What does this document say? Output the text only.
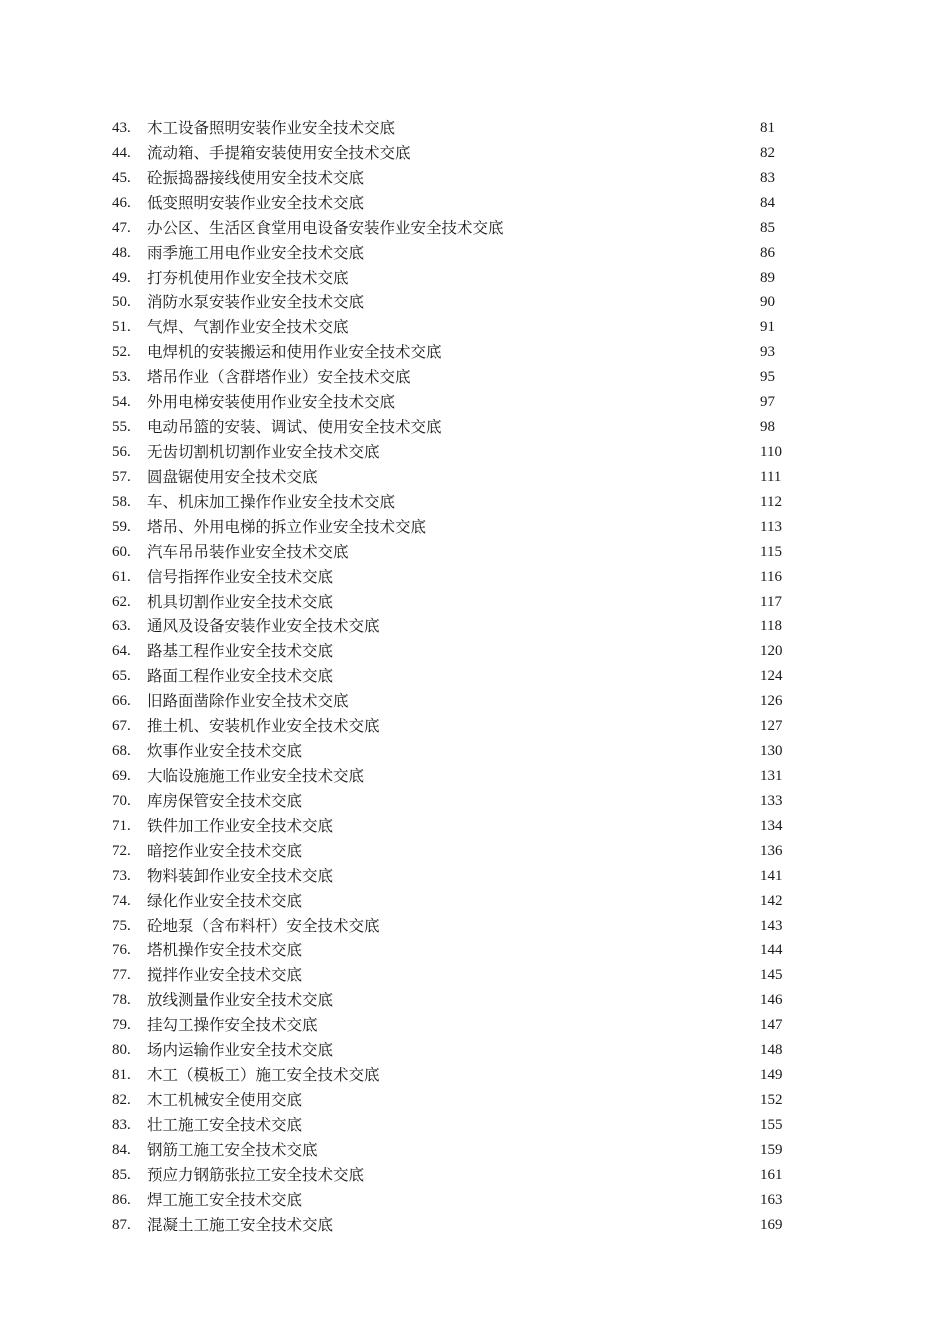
43. 木工设备照明安装作业安全技术交底	81
44. 流动箱、手提箱安装使用安全技术交底	82
45. 砼振捣器接线使用安全技术交底	83
46. 低变照明安装作业安全技术交底	84
47. 办公区、生活区食堂用电设备安装作业安全技术交底	85
48. 雨季施工用电作业安全技术交底	86
49. 打夯机使用作业安全技术交底	89
50. 消防水泵安装作业安全技术交底	90
51. 气焊、气割作业安全技术交底	91
52. 电焊机的安装搬运和使用作业安全技术交底	93
53. 塔吊作业（含群塔作业）安全技术交底	95
54. 外用电梯安装使用作业安全技术交底	97
55. 电动吊篮的安装、调试、使用安全技术交底	98
56. 无齿切割机切割作业安全技术交底	110
57. 圆盘锯使用安全技术交底	111
58. 车、机床加工操作作业安全技术交底	112
59. 塔吊、外用电梯的拆立作业安全技术交底	113
60. 汽车吊吊装作业安全技术交底	115
61. 信号指挥作业安全技术交底	116
62. 机具切割作业安全技术交底	117
63. 通风及设备安装作业安全技术交底	118
64. 路基工程作业安全技术交底	120
65. 路面工程作业安全技术交底	124
66. 旧路面凿除作业安全技术交底	126
67. 推土机、安装机作业安全技术交底	127
68. 炊事作业安全技术交底	130
69. 大临设施施工作业安全技术交底	131
70. 库房保管安全技术交底	133
71. 铁件加工作业安全技术交底	134
72. 暗挖作业安全技术交底	136
73. 物料装卸作业安全技术交底	141
74. 绿化作业安全技术交底	142
75. 砼地泵（含布料杆）安全技术交底	143
76. 塔机操作安全技术交底	144
77. 搅拌作业安全技术交底	145
78. 放线测量作业安全技术交底	146
79. 挂勾工操作安全技术交底	147
80. 场内运输作业安全技术交底	148
81. 木工（模板工）施工安全技术交底	149
82. 木工机械安全使用交底	152
83. 壮工施工安全技术交底	155
84. 钢筋工施工安全技术交底	159
85. 预应力钢筋张拉工安全技术交底	161
86. 焊工施工安全技术交底	163
87. 混凝土工施工安全技术交底	169
